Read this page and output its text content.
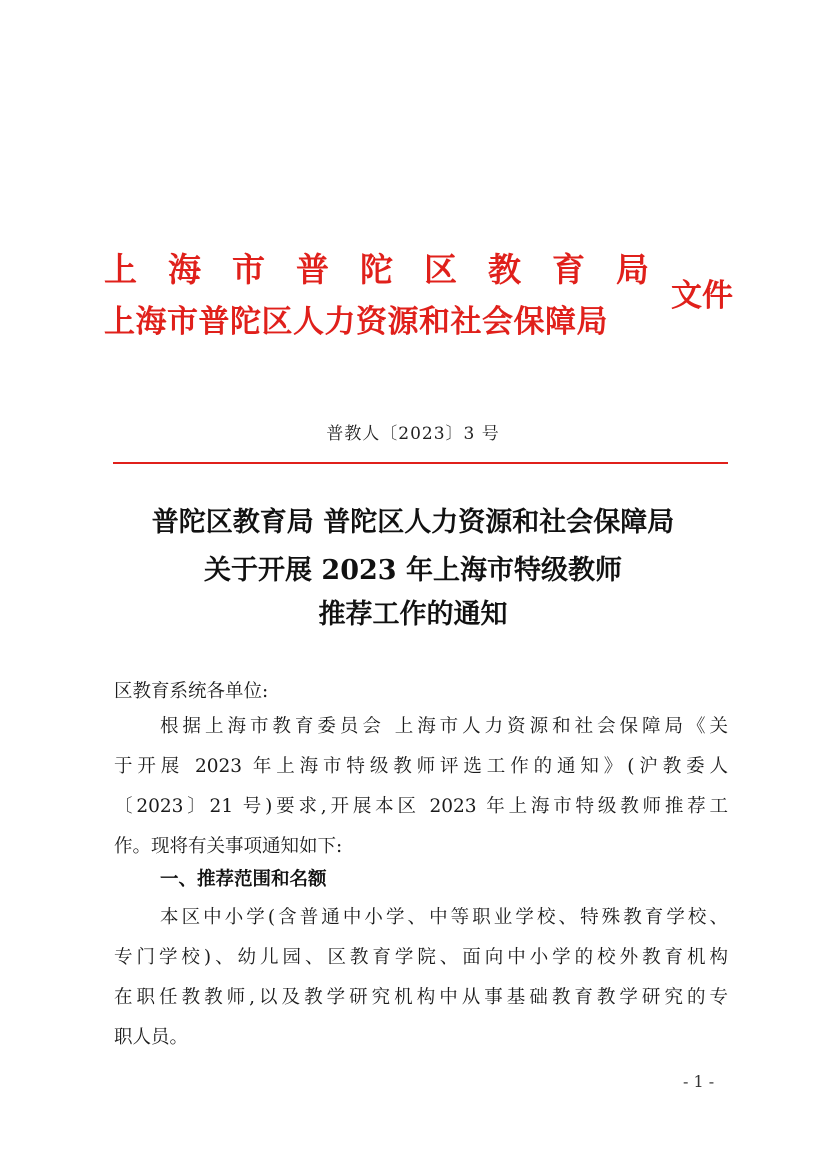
上海市普陀区教育局
上海市普陀区人力资源和社会保障局
文件
普教人〔2023〕3 号
普陀区教育局 普陀区人力资源和社会保障局
关于开展 2023 年上海市特级教师
推荐工作的通知
区教育系统各单位:
根据上海市教育委员会 上海市人力资源和社会保障局《关
于开展 2023 年上海市特级教师评选工作的通知》(沪教委人
〔2023〕21 号)要求,开展本区 2023 年上海市特级教师推荐工
作。现将有关事项通知如下:
一、推荐范围和名额
本区中小学(含普通中小学、中等职业学校、特殊教育学校、
专门学校)、幼儿园、区教育学院、面向中小学的校外教育机构
在职任教教师,以及教学研究机构中从事基础教育教学研究的专
职人员。
- 1 -
